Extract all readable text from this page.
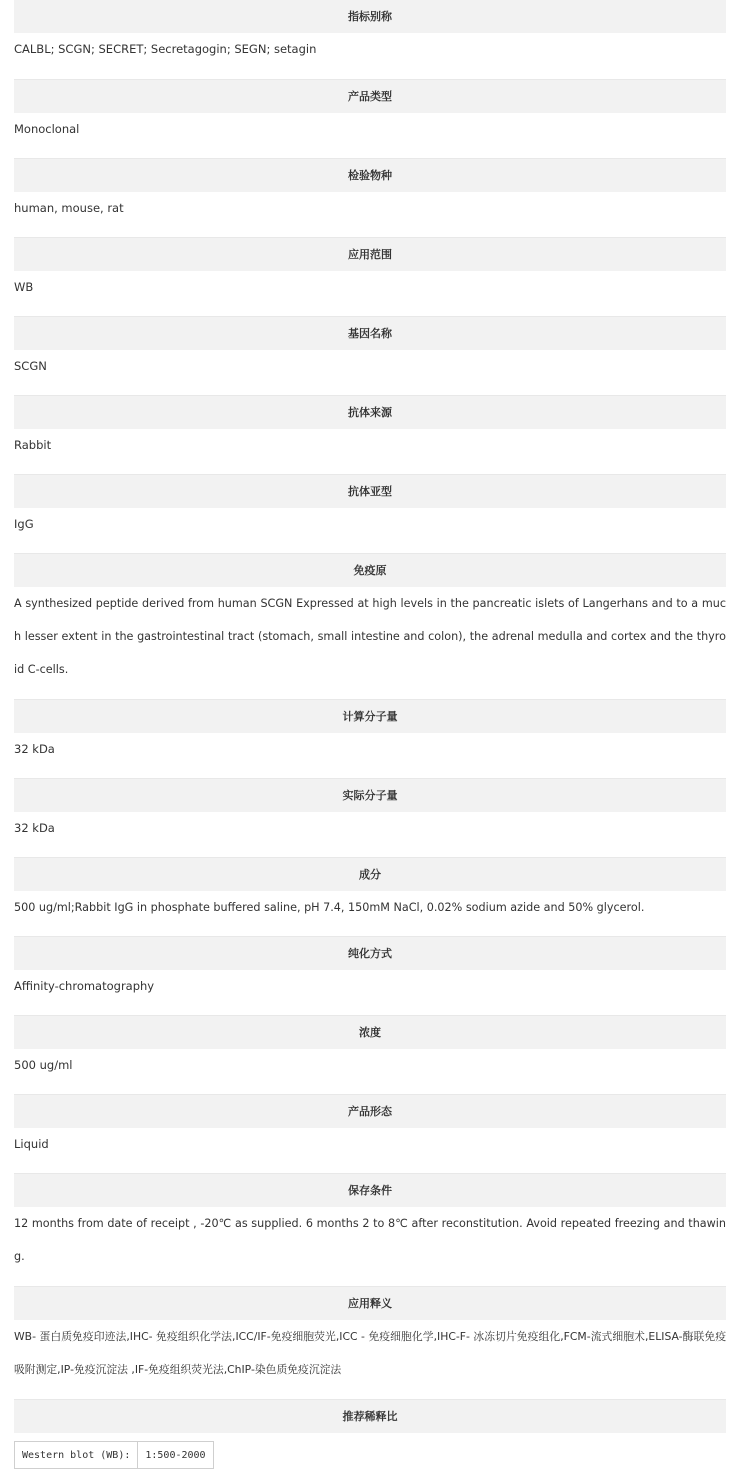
指标别称
CALBL; SCGN; SECRET; Secretagogin; SEGN; setagin
产品类型
Monoclonal
检验物种
human, mouse, rat
应用范围
WB
基因名称
SCGN
抗体来源
Rabbit
抗体亚型
IgG
免疫原
A synthesized peptide derived from human SCGN Expressed at high levels in the pancreatic islets of Langerhans and to a much lesser extent in the gastrointestinal tract (stomach, small intestine and colon), the adrenal medulla and cortex and the thyroid C-cells.
计算分子量
32 kDa
实际分子量
32 kDa
成分
500 ug/ml;Rabbit IgG in phosphate buffered saline, pH 7.4, 150mM NaCl, 0.02% sodium azide and 50% glycerol.
纯化方式
Affinity-chromatography
浓度
500 ug/ml
产品形态
Liquid
保存条件
12 months from date of receipt , -20℃ as supplied. 6 months 2 to 8℃ after reconstitution. Avoid repeated freezing and thawing.
应用释义
WB- 蛋白质免疫印迹法,IHC- 免疫组织化学法,ICC/IF-免疫细胞荧光,ICC - 免疫细胞化学,IHC-F- 冰冻切片免疫组化,FCM-流式细胞术,ELISA-酶联免疫吸附测定,IP-免疫沉淀法 ,IF-免疫组织荧光法,ChIP-染色质免疫沉淀法
推荐稀释比
Western blot (WB):	1:500-2000
